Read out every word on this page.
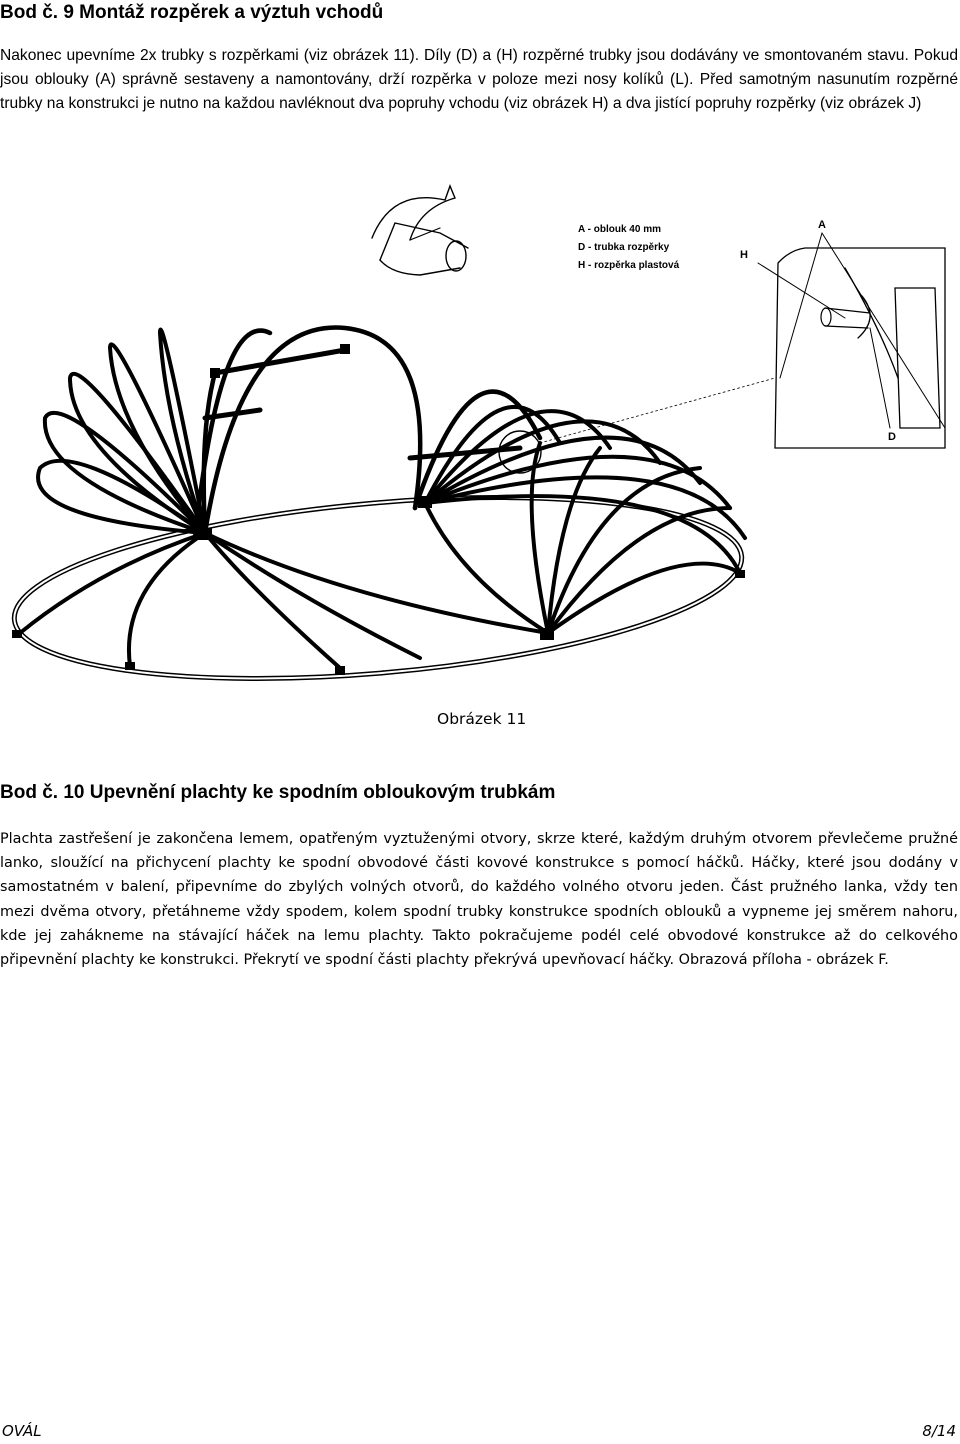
Bod č. 9 Montáž rozpěrek a výztuh vchodů

Nakonec upevníme 2x trubky s rozpěrkami (viz obrázek 11). Díly (D) a (H) rozpěrné trubky jsou dodávány ve smontovaném stavu. Pokud jsou oblouky (A) správně sestaveny a namontovány, drží rozpěrka v poloze mezi nosy kolíků (L). Před samotným nasunutím rozpěrné trubky na konstrukci je nutno na každou navléknout dva popruhy vchodu (viz obrázek H) a dva jistící popruhy rozpěrky (viz obrázek J)

A - oblouk 40 mm
D - trubka rozpěrky
H - rozpěrka plastová
A
H
D

Obrázek 11

Bod č. 10 Upevnění plachty ke spodním obloukovým trubkám

Plachta zastřešení je zakončena lemem, opatřeným vyztuženými otvory, skrze které, každým druhým otvorem převlečeme pružné lanko, sloužící na přichycení plachty ke spodní obvodové části kovové konstrukce s pomocí háčků. Háčky, které jsou dodány v samostatném v balení, připevníme do zbylých volných otvorů, do každého volného otvoru jeden. Část pružného lanka, vždy ten mezi dvěma otvory, přetáhneme vždy spodem, kolem spodní trubky konstrukce spodních oblouků a vypneme jej směrem nahoru, kde jej zahákneme na stávající háček na lemu plachty. Takto pokračujeme podél celé obvodové konstrukce až do celkového připevnění plachty ke konstrukci. Překrytí ve spodní části plachty překrývá upevňovací háčky. Obrazová příloha - obrázek F.

OVÁL	8/14
